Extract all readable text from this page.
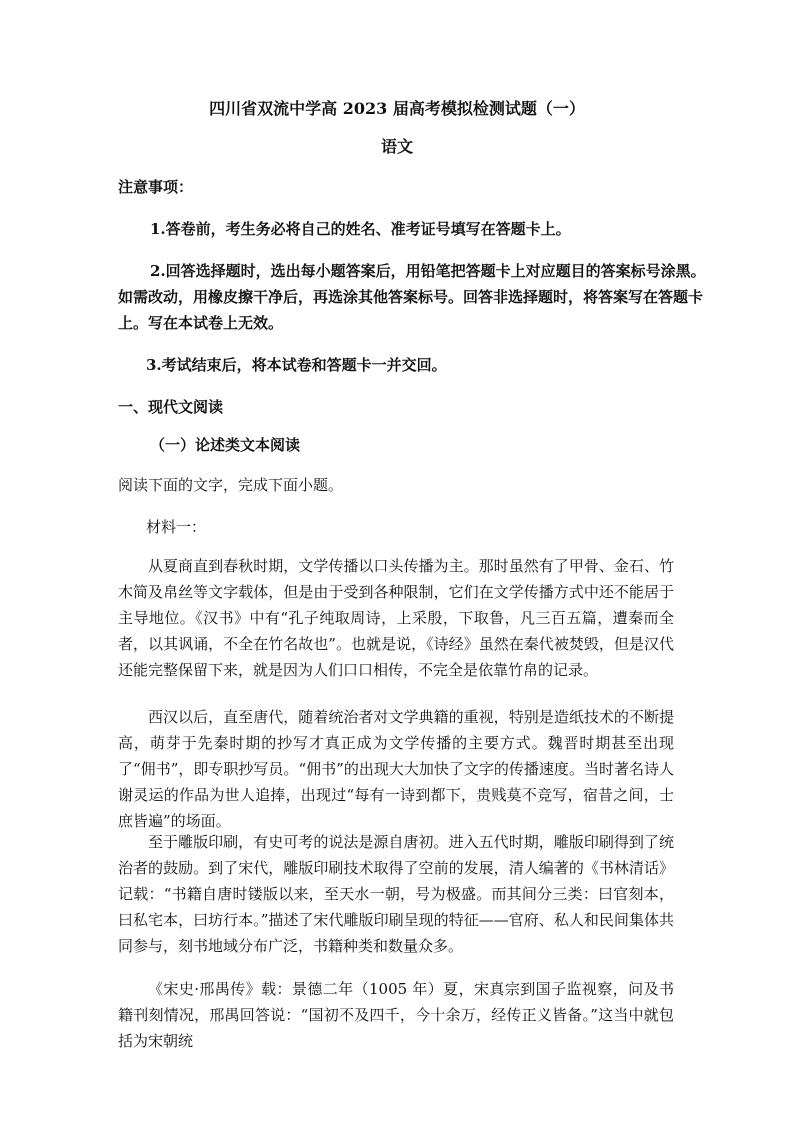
四川省双流中学高 2023 届高考模拟检测试题（一）
语文
注意事项：
1.答卷前，考生务必将自己的姓名、准考证号填写在答题卡上。
2.回答选择题时，选出每小题答案后，用铅笔把答题卡上对应题目的答案标号涂黑。
如需改动，用橡皮擦干净后，再选涂其他答案标号。回答非选择题时，将答案写在答题卡
上。写在本试卷上无效。
3.考试结束后，将本试卷和答题卡一并交回。
一、现代文阅读
（一）论述类文本阅读
阅读下面的文字，完成下面小题。
材料一：
从夏商直到春秋时期，文学传播以口头传播为主。那时虽然有了甲骨、金石、竹木简及帛丝等文字载体，但是由于受到各种限制，它们在文学传播方式中还不能居于主导地位。《汉书》中有“孔子纯取周诗，上采殷，下取鲁，凡三百五篇，遭秦而全者，以其讽诵，不全在竹名故也”。也就是说，《诗经》虽然在秦代被焚毁，但是汉代还能完整保留下来，就是因为人们口口相传，不完全是依靠竹帛的记录。
西汉以后，直至唐代，随着统治者对文学典籍的重视，特别是造纸技术的不断提高，萌芽于先秦时期的抄写才真正成为文学传播的主要方式。魏晋时期甚至出现了“佣书”，即专职抄写员。“佣书”的出现大大加快了文字的传播速度。当时著名诗人谢灵运的作品为世人追捧，出现过“每有一诗到都下，贵贱莫不竞写，宿昔之间，士庶皆遍”的场面。
至于雕版印刷，有史可考的说法是源自唐初。进入五代时期，雕版印刷得到了统治者的鼓励。到了宋代，雕版印刷技术取得了空前的发展，清人编著的《书林清话》记载：“书籍自唐时镂版以来，至天水一朝，号为极盛。而其间分三类：曰官刻本，曰私宅本，曰坊行本。”描述了宋代雕版印刷呈现的特征——官府、私人和民间集体共同参与，刻书地域分布广泛，书籍种类和数量众多。
《宋史·邢禺传》载：景德二年（1005 年）夏，宋真宗到国子监视察，问及书籍刊刻情况，邢禺回答说：“国初不及四千，今十余万，经传正义皆备。”这当中就包括为宋朝统
